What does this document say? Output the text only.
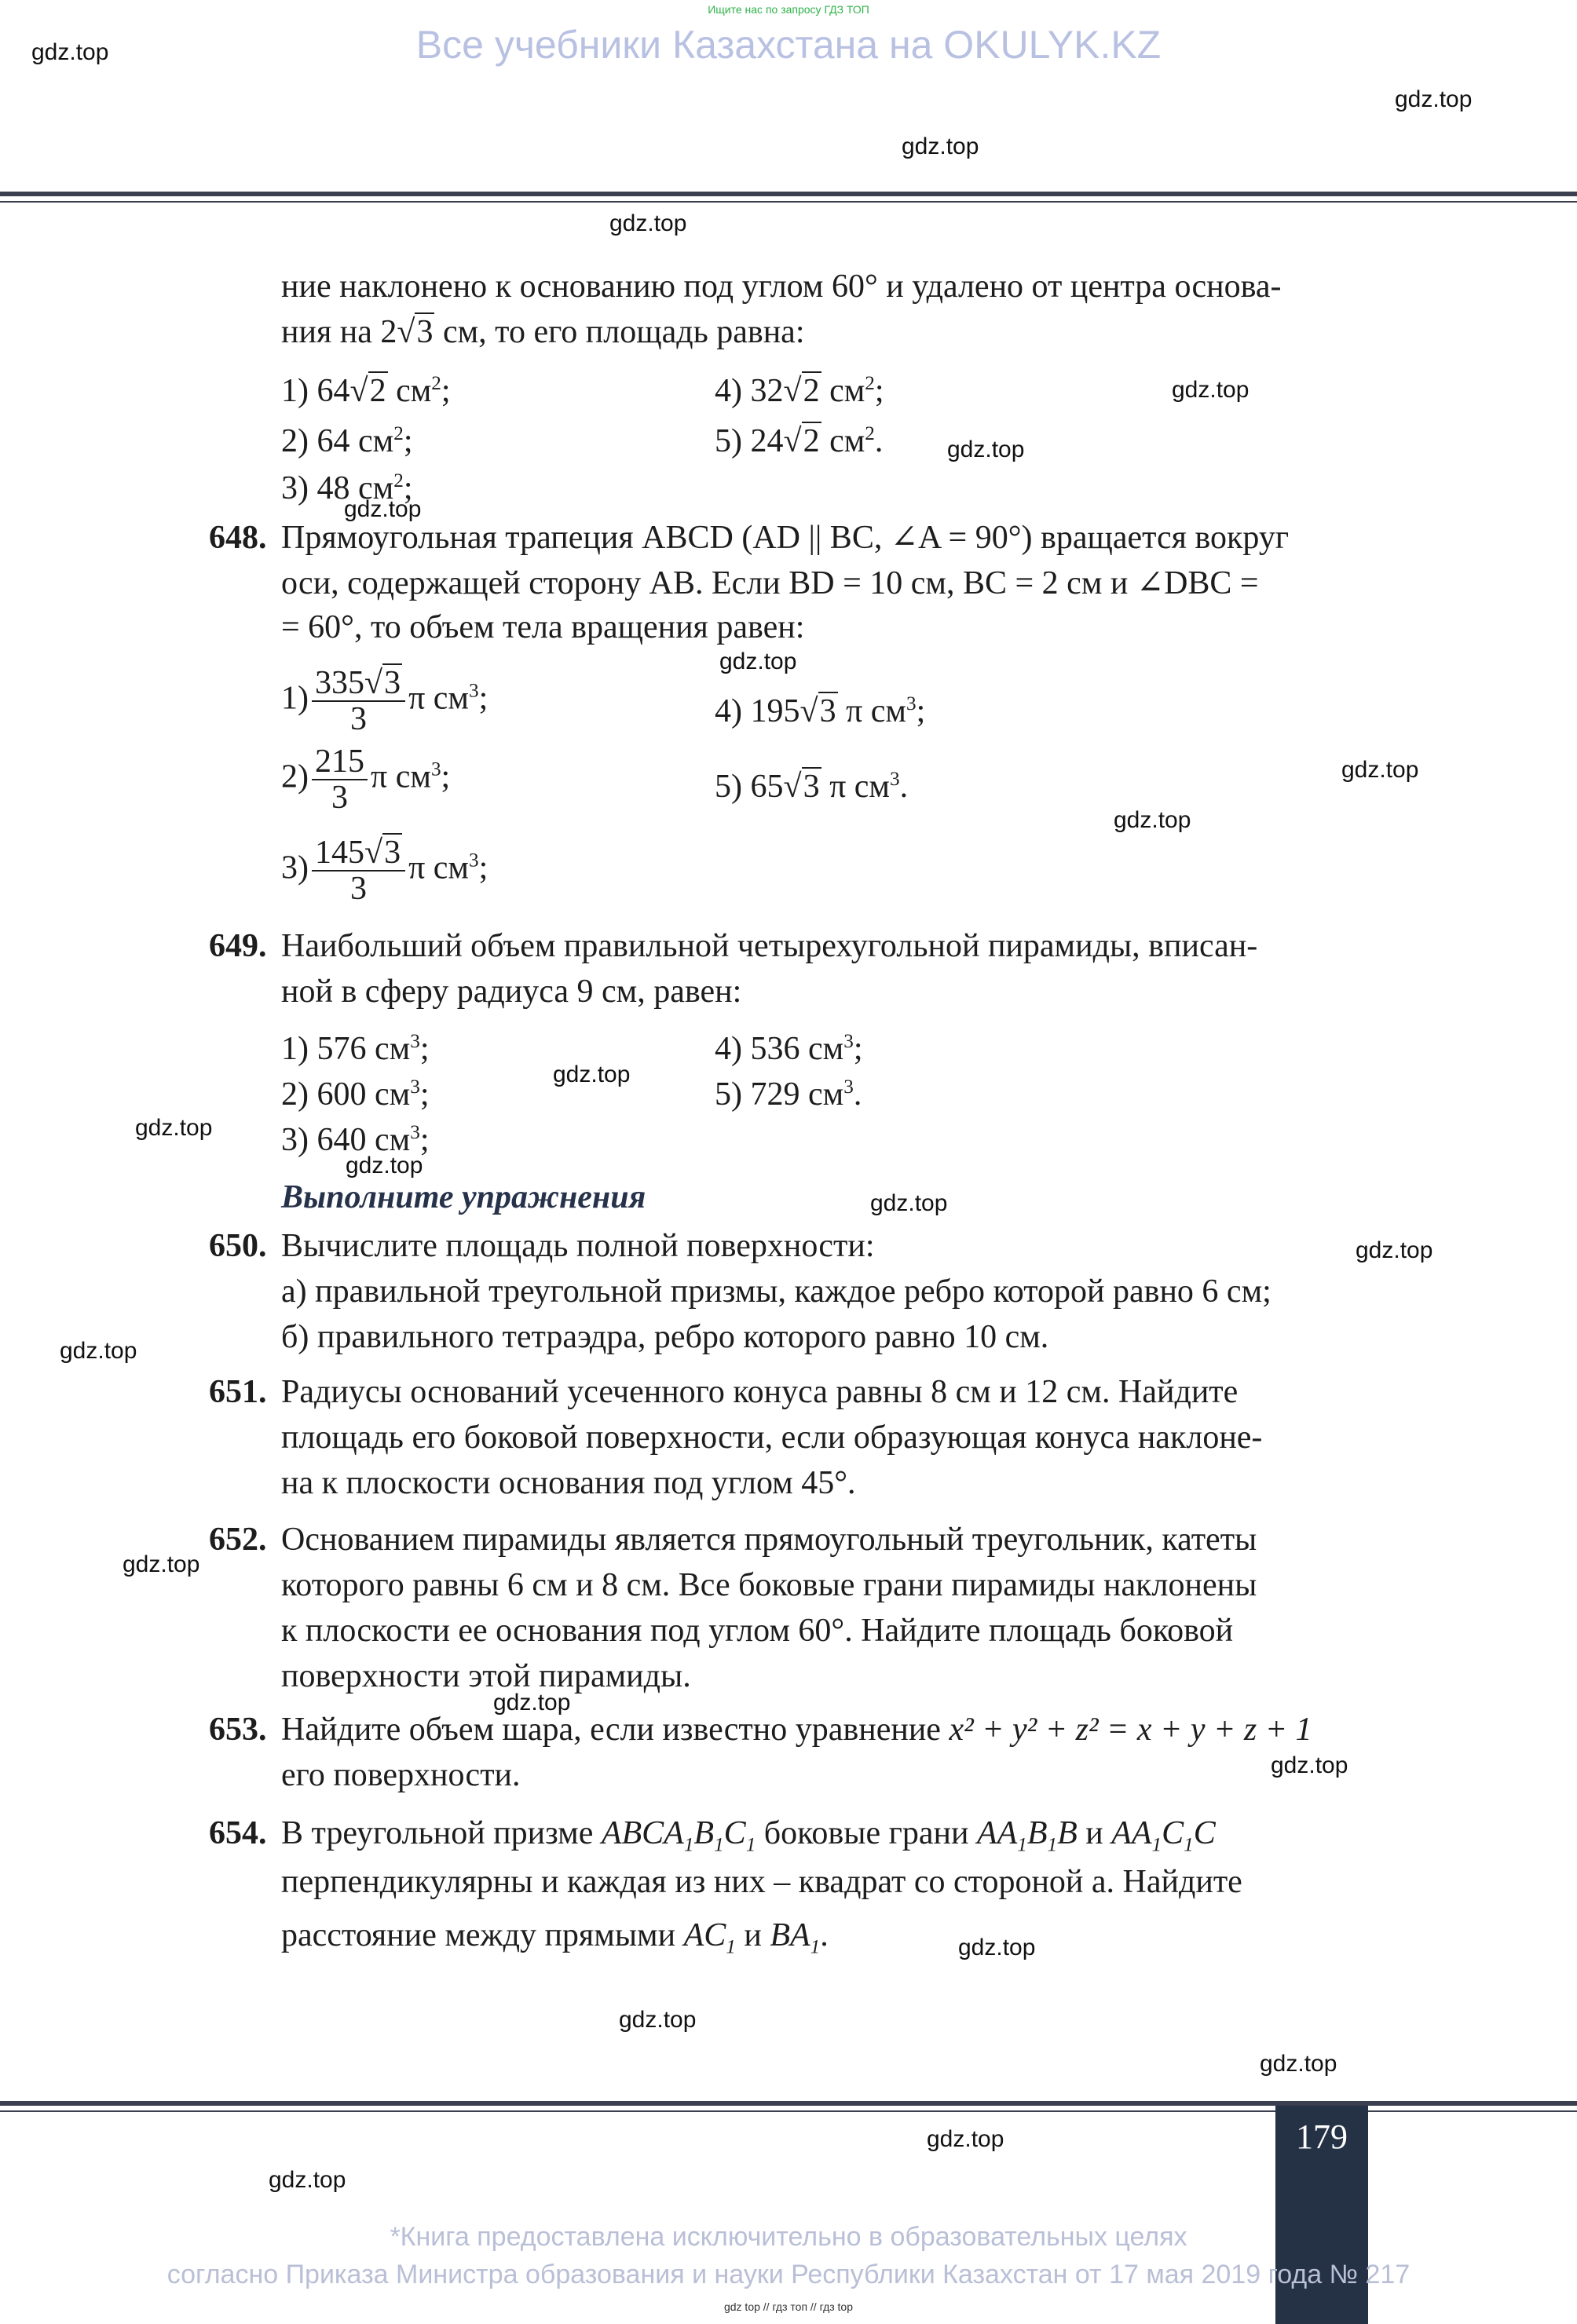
Ищите нас по запросу ГДЗ ТОП
Все учебники Казахстана на OKULYK.KZ
gdz.top
gdz.top
gdz.top
gdz.top
gdz.top
gdz.top
gdz.top
gdz.top
gdz.top
gdz.top
gdz.top
gdz.top
gdz.top
gdz.top
gdz.top
gdz.top
gdz.top
gdz.top
gdz.top
gdz.top
gdz.top
gdz.top
gdz.top
gdz.top
ние наклонено к основанию под углом 60° и удалено от центра основа-
ния на 2√3 см, то его площадь равна:
1) 64√2 $см^2$;
2) 64 $см^2$;
3) 48 $см^2$;
4) 32√2 $см^2$;
5) 24√2 $см^2$.
648. Прямоугольная трапеция ABCD (AD || BC, ∠A = 90°) вращается вокруг
оси, содержащей сторону AB. Если BD = 10 см, BC = 2 см и ∠DBC =
= 60°, то объем тела вращения равен:
$1) \frac{335√3}{3}$ π $см^3$;
$2) \frac{215}{3}$ π $см^3$;
$3) \frac{145√3}{3}$ π $см^3$;
4) 195√3 π $см^3$;
5) 65√3 π $см^3$.
649. Наибольший объем правильной четырехугольной пирамиды, вписан-
ной в сферу радиуса 9 см, равен:
1) 576 $см^3$;
2) 600 $см^3$;
3) 640 $см^3$;
4) 536 $см^3$;
5) 729 $см^3$.
Выполните упражнения
650. Вычислите площадь полной поверхности:
а) правильной треугольной призмы, каждое ребро которой равно 6 см;
б) правильного тетраэдра, ребро которого равно 10 см.
651. Радиусы оснований усеченного конуса равны 8 см и 12 см. Найдите
площадь его боковой поверхности, если образующая конуса наклоне-
на к плоскости основания под углом 45°.
652. Основанием пирамиды является прямоугольный треугольник, катеты
которого равны 6 см и 8 см. Все боковые грани пирамиды наклонены
к плоскости ее основания под углом 60°. Найдите площадь боковой
поверхности этой пирамиды.
653. Найдите объем шара, если известно уравнение x² + y² + z² = x + y + z + 1
его поверхности.
654. В треугольной призме $ABCA_1B_1C_1$ боковые грани $AA_1B_1B$ и $AA_1C_1C$
перпендикулярны и каждая из них – квадрат со стороной a. Найдите
расстояние между прямыми $AC_1$ и $BA_1$.
179
*Книга предоставлена исключительно в образовательных целях
согласно Приказа Министра образования и науки Республики Казахстан от 17 мая 2019 года № 217
gdz top // гдз топ // гдз top
